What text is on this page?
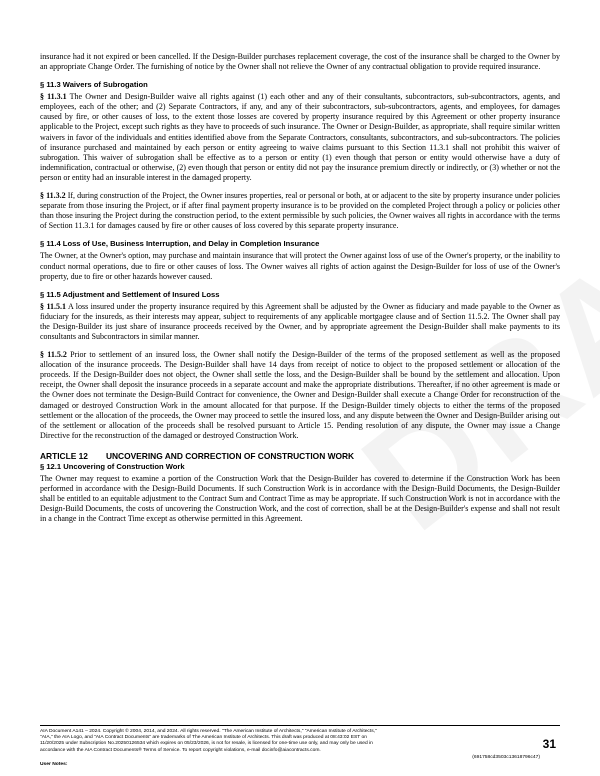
insurance had it not expired or been cancelled. If the Design-Builder purchases replacement coverage, the cost of the insurance shall be charged to the Owner by an appropriate Change Order. The furnishing of notice by the Owner shall not relieve the Owner of any contractual obligation to provide required insurance.

§ 11.3 Waivers of Subrogation

§ 11.3.1 The Owner and Design-Builder waive all rights against (1) each other and any of their consultants, subcontractors, sub-subcontractors, agents, and employees, each of the other; and (2) Separate Contractors, if any, and any of their subcontractors, sub-subcontractors, agents, and employees, for damages caused by fire, or other causes of loss, to the extent those losses are covered by property insurance required by this Agreement or other property insurance applicable to the Project, except such rights as they have to proceeds of such insurance. The Owner or Design-Builder, as appropriate, shall require similar written waivers in favor of the individuals and entities identified above from the Separate Contractors, consultants, subcontractors, and sub-subcontractors. The policies of insurance purchased and maintained by each person or entity agreeing to waive claims pursuant to this Section 11.3.1 shall not prohibit this waiver of subrogation. This waiver of subrogation shall be effective as to a person or entity (1) even though that person or entity would otherwise have a duty of indemnification, contractual or otherwise, (2) even though that person or entity did not pay the insurance premium directly or indirectly, or (3) whether or not the person or entity had an insurable interest in the damaged property.

§ 11.3.2 If, during construction of the Project, the Owner insures properties, real or personal or both, at or adjacent to the site by property insurance under policies separate from those insuring the Project, or if after final payment property insurance is to be provided on the completed Project through a policy or policies other than those insuring the Project during the construction period, to the extent permissible by such policies, the Owner waives all rights in accordance with the terms of Section 11.3.1 for damages caused by fire or other causes of loss covered by this separate property insurance.

§ 11.4 Loss of Use, Business Interruption, and Delay in Completion Insurance

The Owner, at the Owner's option, may purchase and maintain insurance that will protect the Owner against loss of use of the Owner's property, or the inability to conduct normal operations, due to fire or other causes of loss. The Owner waives all rights of action against the Design-Builder for loss of use of the Owner's property, due to fire or other hazards however caused.

§ 11.5 Adjustment and Settlement of Insured Loss

§ 11.5.1 A loss insured under the property insurance required by this Agreement shall be adjusted by the Owner as fiduciary and made payable to the Owner as fiduciary for the insureds, as their interests may appear, subject to requirements of any applicable mortgagee clause and of Section 11.5.2. The Owner shall pay the Design-Builder its just share of insurance proceeds received by the Owner, and by appropriate agreement the Design-Builder shall make payments to its consultants and Subcontractors in similar manner.

§ 11.5.2 Prior to settlement of an insured loss, the Owner shall notify the Design-Builder of the terms of the proposed settlement as well as the proposed allocation of the insurance proceeds. The Design-Builder shall have 14 days from receipt of notice to object to the proposed settlement or allocation of the proceeds. If the Design-Builder does not object, the Owner shall settle the loss, and the Design-Builder shall be bound by the settlement and allocation. Upon receipt, the Owner shall deposit the insurance proceeds in a separate account and make the appropriate distributions. Thereafter, if no other agreement is made or the Owner does not terminate the Design-Build Contract for convenience, the Owner and Design-Builder shall execute a Change Order for reconstruction of the damaged or destroyed Construction Work in the amount allocated for that purpose. If the Design-Builder timely objects to either the terms of the proposed settlement or the allocation of the proceeds, the Owner may proceed to settle the insured loss, and any dispute between the Owner and Design-Builder arising out of the settlement or allocation of the proceeds shall be resolved pursuant to Article 15. Pending resolution of any dispute, the Owner may issue a Change Directive for the reconstruction of the damaged or destroyed Construction Work.

ARTICLE 12 UNCOVERING AND CORRECTION OF CONSTRUCTION WORK
§ 12.1 Uncovering of Construction Work

The Owner may request to examine a portion of the Construction Work that the Design-Builder has covered to determine if the Construction Work has been performed in accordance with the Design-Build Documents. If such Construction Work is in accordance with the Design-Build Documents, the Design-Builder shall be entitled to an equitable adjustment to the Contract Sum and Contract Time as may be appropriate. If such Construction Work is not in accordance with the Design-Build Documents, the costs of uncovering the Construction Work, and the cost of correction, shall be at the Design-Builder's expense and shall not result in a change in the Contract Time except as otherwise permitted in this Agreement.

AIA Document A141 – 2024. Copyright © 2004, 2014, and 2024. All rights reserved. "The American Institute of Architects," "American Institute of Architects,"
"AIA," the AIA Logo, and "AIA Contract Documents" are trademarks of The American Institute of Architects. This draft was produced at 08:43:02 EST on
11/20/2025 under Subscription No.20250126534 which expires on 05/23/2026, is not for resale, is licensed for one-time use only, and may only be used in
accordance with the AIA Contract Documents® Terms of Service. To report copyright violations, e-mail docinfo@aiacontracts.com.
(691758cd3503c13618796c47)
User Notes:
31
